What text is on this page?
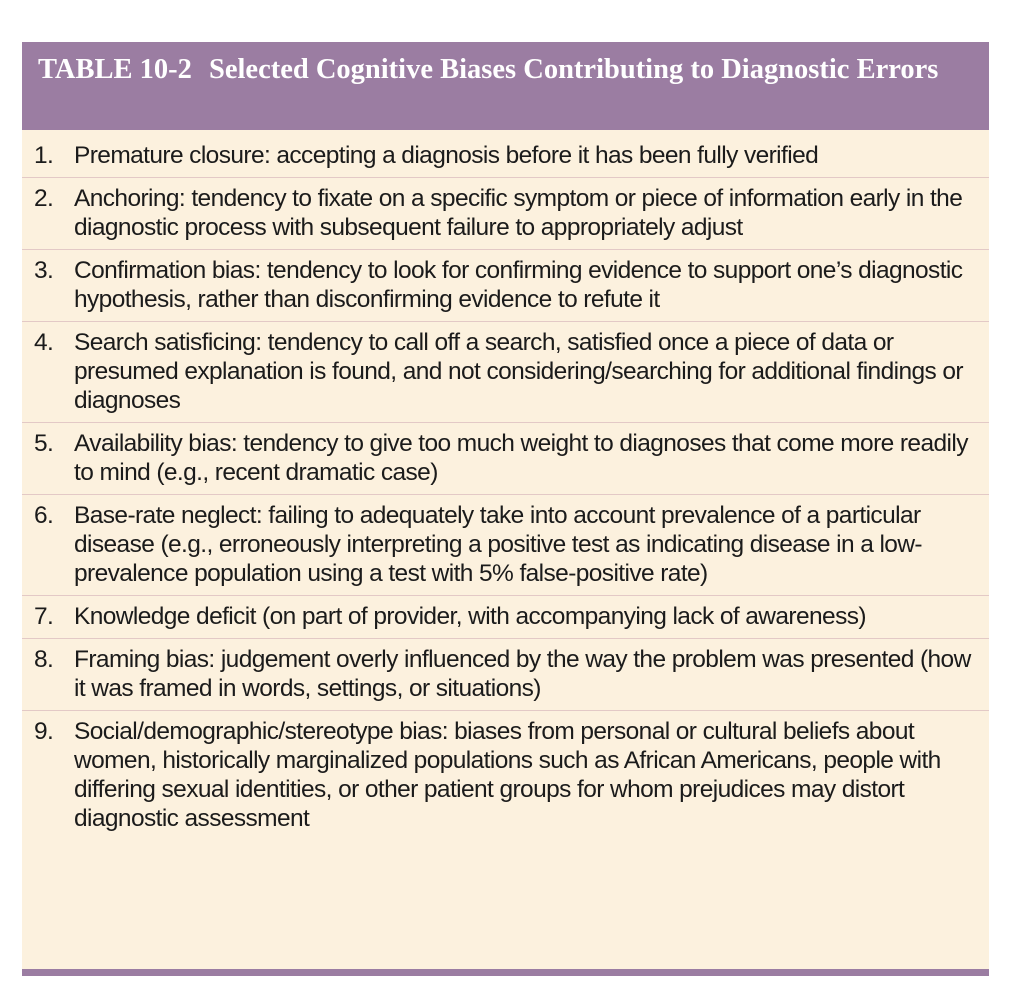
TABLE 10-2 Selected Cognitive Biases Contributing to Diagnostic Errors
1. Premature closure: accepting a diagnosis before it has been fully verified
2. Anchoring: tendency to fixate on a specific symptom or piece of information early in the diagnostic process with subsequent failure to appropriately adjust
3. Confirmation bias: tendency to look for confirming evidence to support one’s diagnostic hypothesis, rather than disconfirming evidence to refute it
4. Search satisficing: tendency to call off a search, satisfied once a piece of data or presumed explanation is found, and not considering/searching for additional findings or diagnoses
5. Availability bias: tendency to give too much weight to diagnoses that come more readily to mind (e.g., recent dramatic case)
6. Base-rate neglect: failing to adequately take into account prevalence of a particular disease (e.g., erroneously interpreting a positive test as indicating disease in a low-prevalence population using a test with 5% false-positive rate)
7. Knowledge deficit (on part of provider, with accompanying lack of awareness)
8. Framing bias: judgement overly influenced by the way the problem was presented (how it was framed in words, settings, or situations)
9. Social/demographic/stereotype bias: biases from personal or cultural beliefs about women, historically marginalized populations such as African Americans, people with differing sexual identities, or other patient groups for whom prejudices may distort diagnostic assessment
